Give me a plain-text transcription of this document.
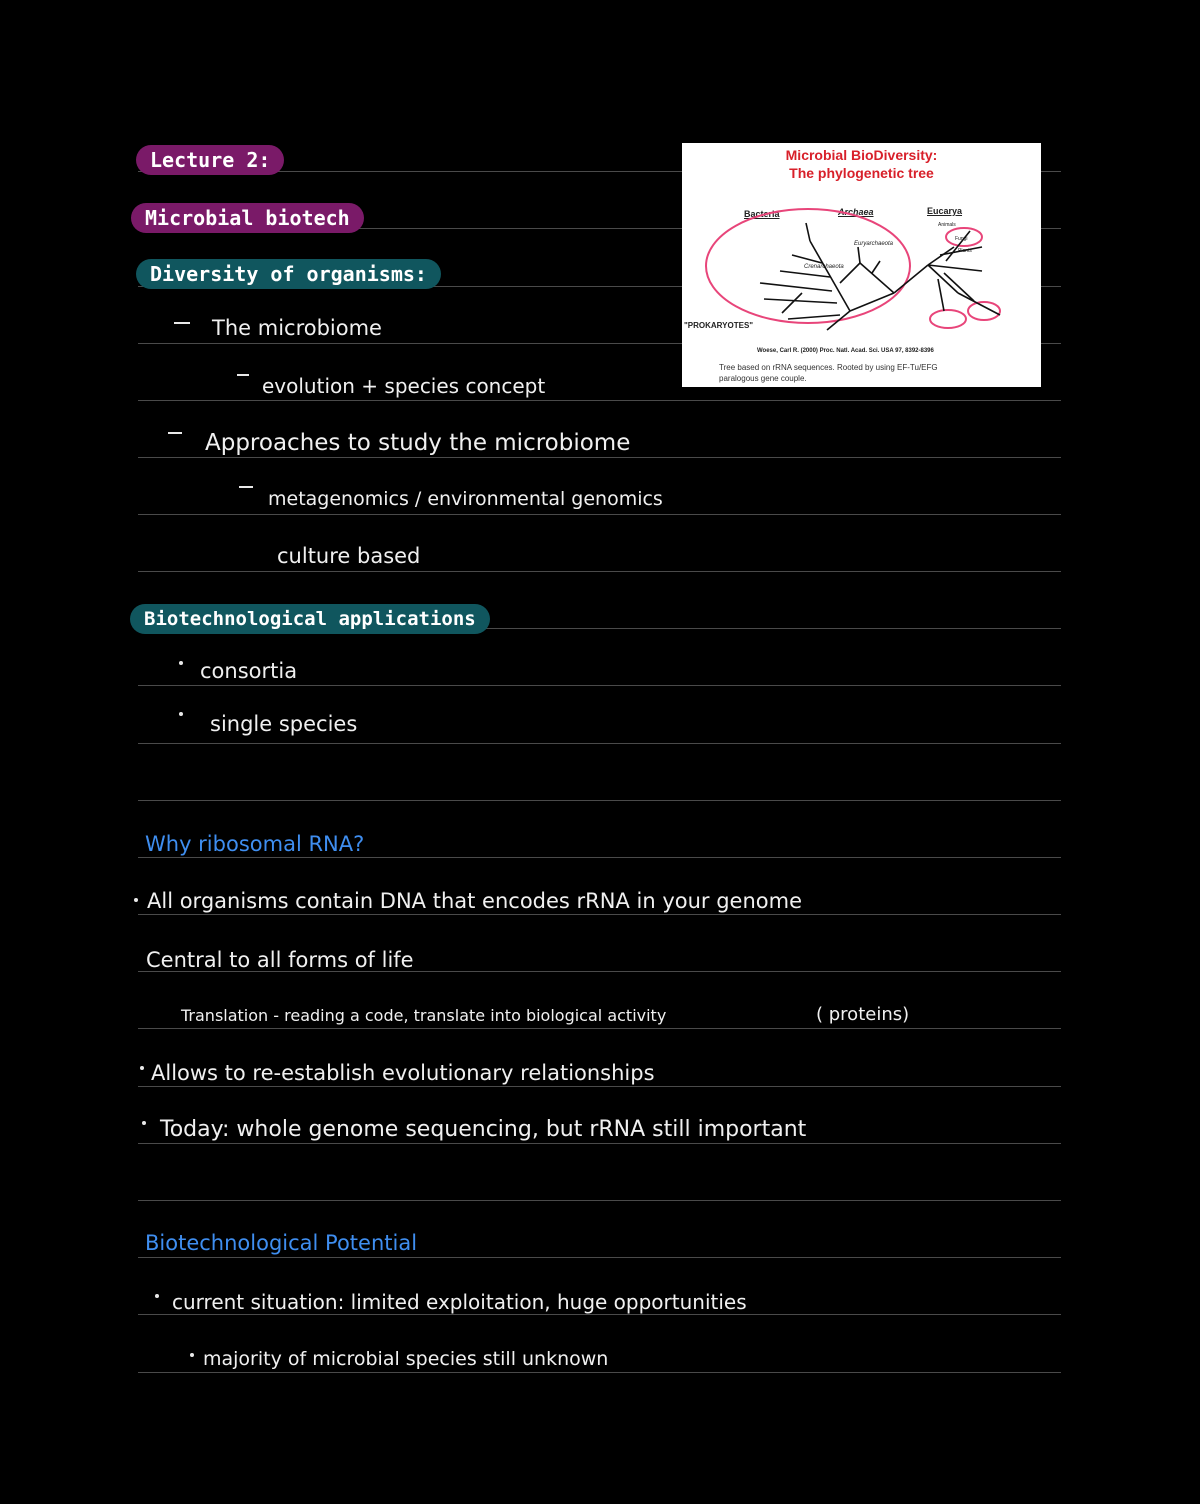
Lecture 2:
Microbial biotech
Diversity of organisms:
Biotechnological applications
The microbiome
evolution + species concept
Approaches to study the microbiome
metagenomics / environmental genomics
culture based
consortia
single species
Why ribosomal RNA?
All organisms contain DNA that encodes rRNA in your genome
Central to all forms of life
Translation - reading a code, translate into biological activity	( proteins)
Allows to re-establish evolutionary relationships
Today: whole genome sequencing, but rRNA still important
Biotechnological Potential
current situation: limited exploitation, huge opportunities
majority of microbial species still unknown
Microbial BioDiversity:
The phylogenetic tree
Bacteria	Archaea	Eucarya
Animals
Fungi
Plants
Euryarchaeota
Crenarchaeota
"PROKARYOTES"
Woese, Carl R. (2000) Proc. Natl. Acad. Sci. USA 97, 8392-8396
Tree based on rRNA sequences. Rooted by using EF-Tu/EFG
paralogous gene couple.
